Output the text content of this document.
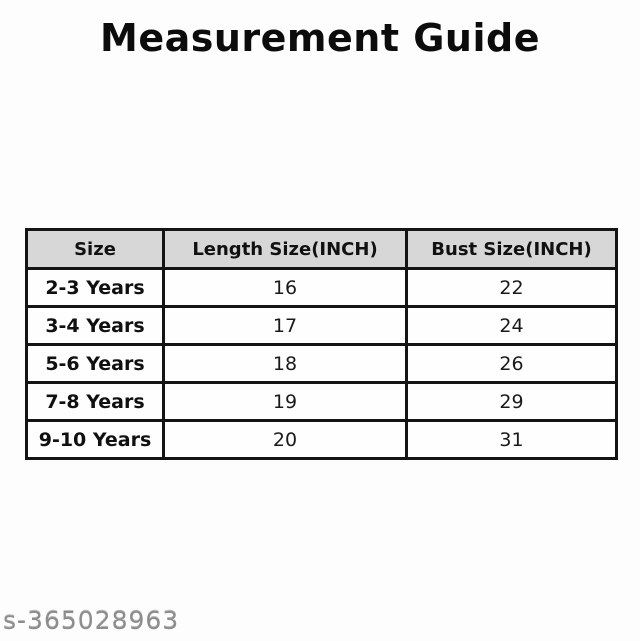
Measurement Guide
Size	Length Size(INCH)	Bust Size(INCH)
2-3 Years	16	22
3-4 Years	17	24
5-6 Years	18	26
7-8 Years	19	29
9-10 Years	20	31
s-365028963
